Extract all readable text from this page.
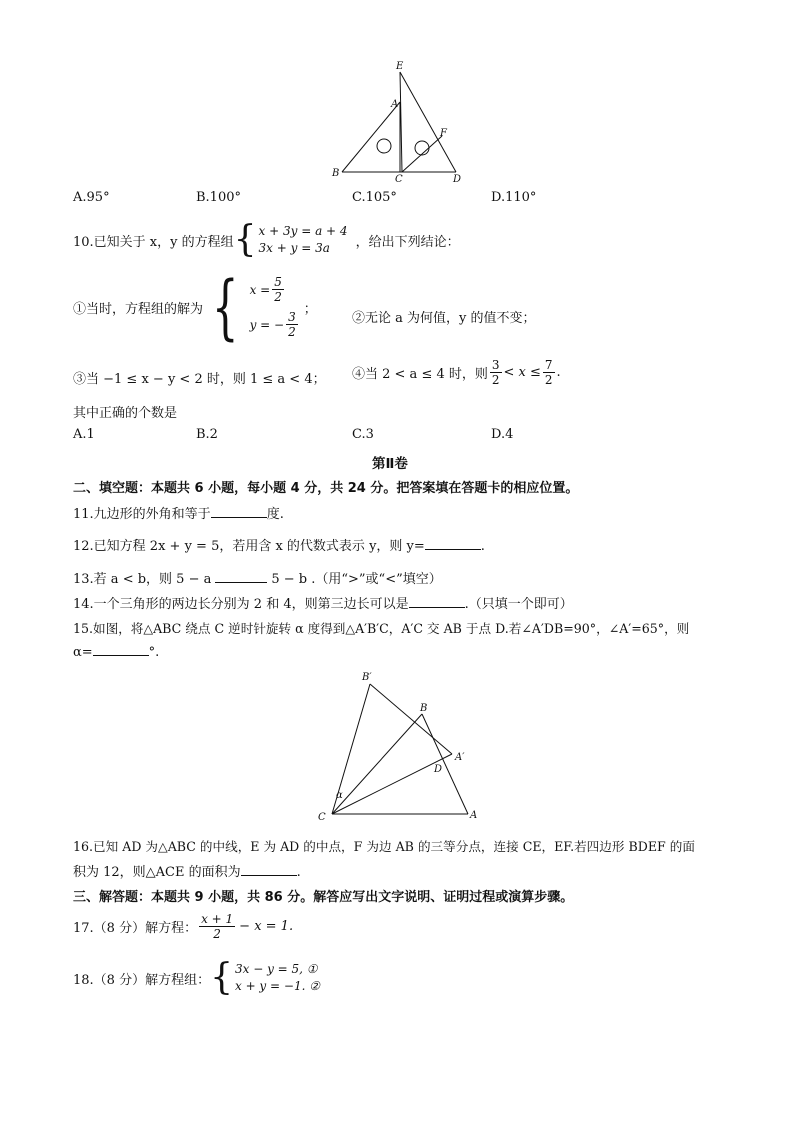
E
A
F
B
C	D
A.95°	B.100°	C.105°	D.110°
10.已知关于 x，y 的方程组 { x + 3y = a + 4
3x + y = 3a	，给出下列结论：
①当时，方程组的解为 { $x = \frac{5}{2}$
y = − $\frac{3}{2}$
；
②无论 a 为何值，y 的值不变；
③当 −1 ≤ x − y < 2 时，则 1 ≤ a < 4； ④当 2 < a ≤ 4 时，则 $\frac{3}{2} < x \le \frac{7}{2}$ .
其中正确的个数是
A.1	B.2	C.3	D.4
第Ⅱ卷
二、填空题：本题共 6 小题，每小题 4 分，共 24 分。把答案填在答题卡的相应位置。
11.九边形的外角和等于	度.
12.已知方程 2x + y = 5，若用含 x 的代数式表示 y，则 y=	.
13.若 a < b，则 5 − a	5 − b .（用“>”或“<”填空）
14.一个三角形的两边长分别为 2 和 4，则第三边长可以是	.（只填一个即可）
15.如图，将△ABC 绕点 C 逆时针旋转 α 度得到△A′B′C，A′C 交 AB 于点 D.若∠A′DB=90°，∠A′=65°，则
α=	°.
B′
B
A′
D
C	A
α
16.已知 AD 为△ABC 的中线，E 为 AD 的中点，F 为边 AB 的三等分点，连接 CE，EF.若四边形 BDEF 的面
积为 12，则△ACE 的面积为	.
三、解答题：本题共 9 小题，共 86 分。解答应写出文字说明、证明过程或演算步骤。
17.（8 分）解方程： $\frac{x + 1}{2} - x = 1$.
18.（8 分）解方程组： { 3x − y = 5, ①
x + y = −1. ②
